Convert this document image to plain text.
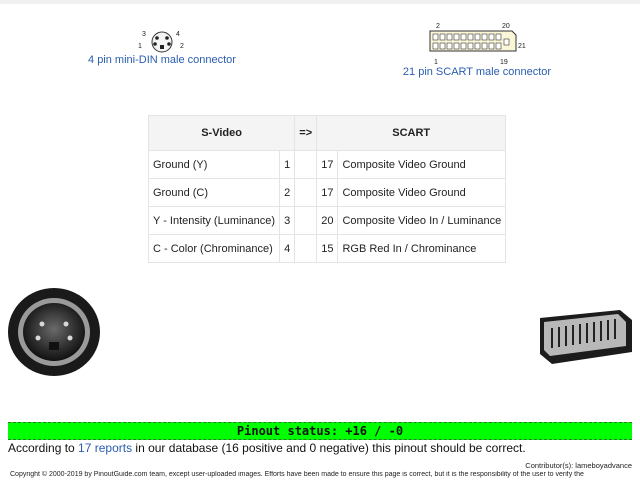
3	4
1	2
4 pin mini-DIN male connector
2	20
21
1	19
21 pin SCART male connector
S-Video		=>	SCART	
Ground (Y)	1		17	Composite Video Ground
Ground (C)	2		17	Composite Video Ground
Y - Intensity (Luminance)	3		20	Composite Video In / Luminance
C - Color (Chrominance)	4		15	RGB Red In / Chrominance
Pinout status: +16 / -0
According to 17 reports in our database (16 positive and 0 negative) this pinout should be correct.
Contributor(s): lameboyadvance
Copyright © 2000-2019 by PinoutGuide.com team, except user-uploaded images. Efforts have been made to ensure this page is correct, but it is the responsibility of the user to verify the
